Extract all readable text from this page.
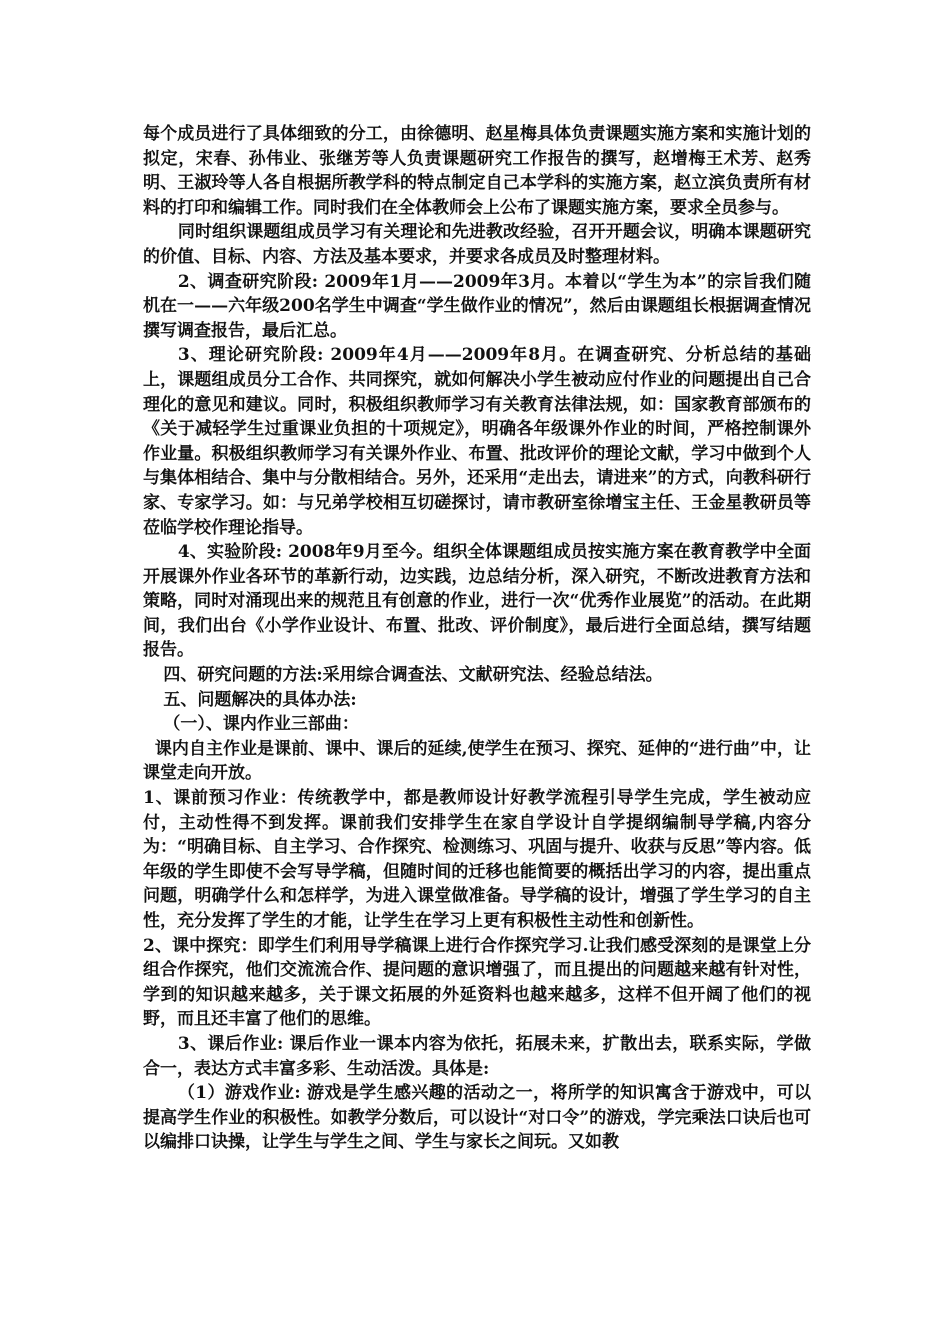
每个成员进行了具体细致的分工，由徐德明、赵星梅具体负责课题实施方案和实施计划的拟定，宋春、孙伟业、张继芳等人负责课题研究工作报告的撰写，赵增梅王术芳、赵秀明、王淑玲等人各自根据所教学科的特点制定自己本学科的实施方案，赵立滨负责所有材料的打印和编辑工作。同时我们在全体教师会上公布了课题实施方案，要求全员参与。

同时组织课题组成员学习有关理论和先进教改经验，召开开题会议，明确本课题研究的价值、目标、内容、方法及基本要求，并要求各成员及时整理材料。

2、调查研究阶段: 2009年1月——2009年3月。本着以“学生为本”的宗旨我们随机在一——六年级200名学生中调查“学生做作业的情况”，然后由课题组长根据调查情况撰写调查报告，最后汇总。

3、理论研究阶段: 2009年4月——2009年8月。在调查研究、分析总结的基础上，课题组成员分工合作、共同探究，就如何解决小学生被动应付作业的问题提出自己合理化的意见和建议。同时，积极组织教师学习有关教育法律法规，如：国家教育部颁布的《关于减轻学生过重课业负担的十项规定》，明确各年级课外作业的时间，严格控制课外作业量。积极组织教师学习有关课外作业、布置、批改评价的理论文献，学习中做到个人与集体相结合、集中与分散相结合。另外，还采用“走出去，请进来”的方式，向教科研行家、专家学习。如：与兄弟学校相互切磋探讨，请市教研室徐增宝主任、王金星教研员等莅临学校作理论指导。

4、实验阶段: 2008年9月至今。组织全体课题组成员按实施方案在教育教学中全面开展课外作业各环节的革新行动，边实践，边总结分析，深入研究，不断改进教育方法和策略，同时对涌现出来的规范且有创意的作业，进行一次“优秀作业展览”的活动。在此期间，我们出台《小学作业设计、布置、批改、评价制度》，最后进行全面总结，撰写结题报告。

四、研究问题的方法:采用综合调查法、文献研究法、经验总结法。

五、问题解决的具体办法:

（一）、课内作业三部曲：

课内自主作业是课前、课中、课后的延续,使学生在预习、探究、延伸的“进行曲”中，让课堂走向开放。

1、课前预习作业：传统教学中，都是教师设计好教学流程引导学生完成，学生被动应付，主动性得不到发挥。课前我们安排学生在家自学设计自学提纲编制导学稿,内容分为：“明确目标、自主学习、合作探究、检测练习、巩固与提升、收获与反思”等内容。低年级的学生即使不会写导学稿，但随时间的迁移也能简要的概括出学习的内容，提出重点问题，明确学什么和怎样学，为进入课堂做准备。导学稿的设计，增强了学生学习的自主性，充分发挥了学生的才能，让学生在学习上更有积极性主动性和创新性。

2、课中探究：即学生们利用导学稿课上进行合作探究学习.让我们感受深刻的是课堂上分组合作探究，他们交流流合作、提问题的意识增强了，而且提出的问题越来越有针对性，学到的知识越来越多，关于课文拓展的外延资料也越来越多，这样不但开阔了他们的视野，而且还丰富了他们的思维。

3、课后作业: 课后作业一课本内容为依托，拓展未来，扩散出去，联系实际，学做合一，表达方式丰富多彩、生动活泼。具体是:

（1）游戏作业: 游戏是学生感兴趣的活动之一，将所学的知识寓含于游戏中，可以提高学生作业的积极性。如教学分数后，可以设计“对口令”的游戏，学完乘法口诀后也可以编排口诀操，让学生与学生之间、学生与家长之间玩。又如教
